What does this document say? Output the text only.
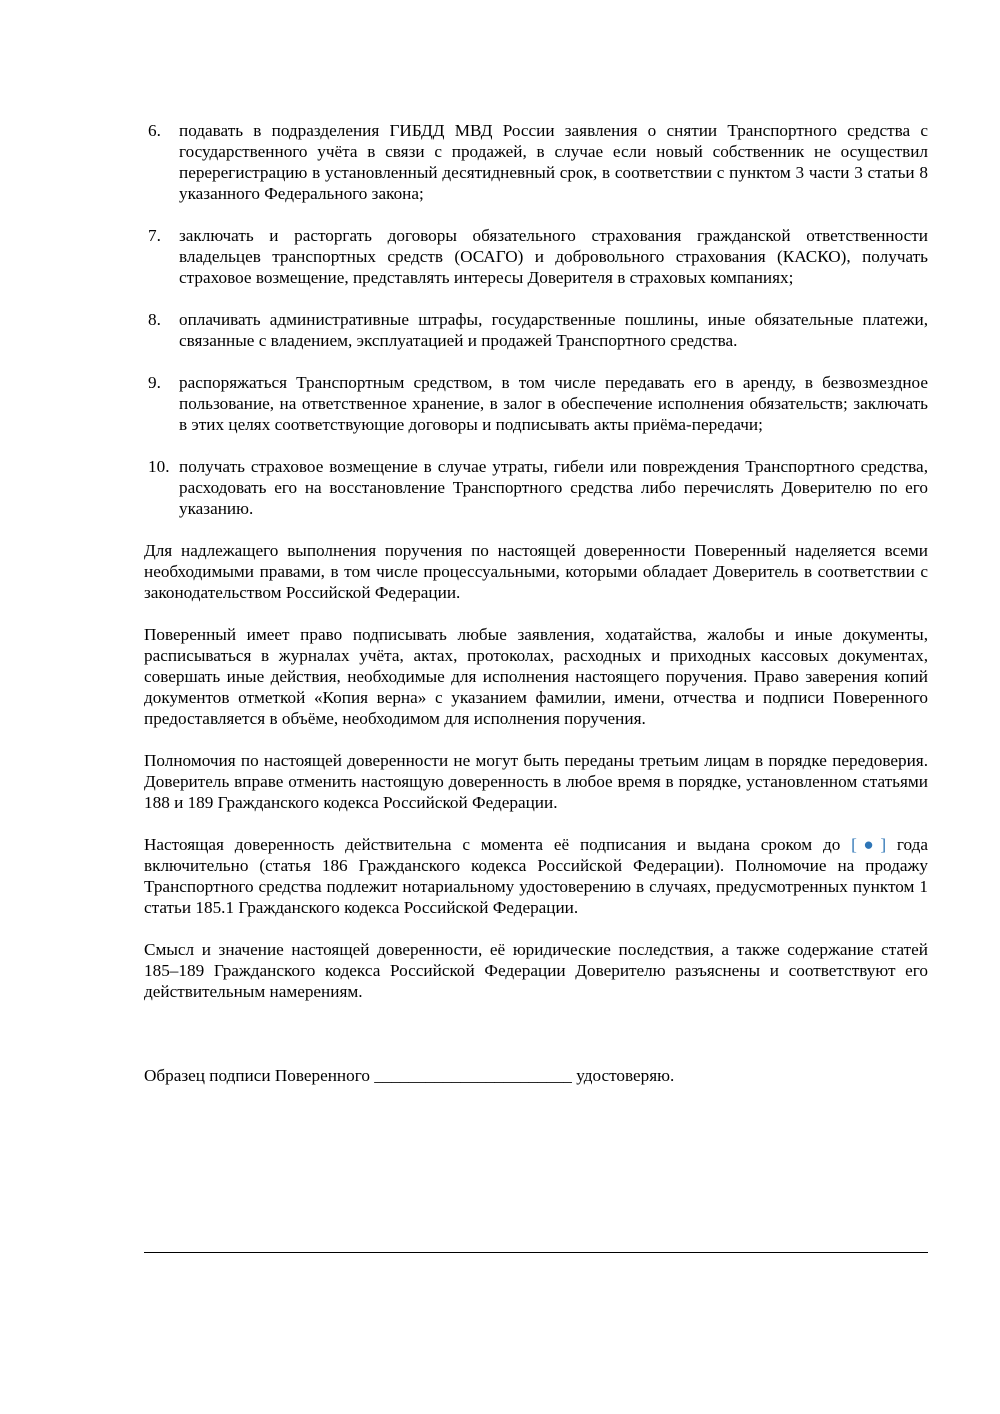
6. подавать в подразделения ГИБДД МВД России заявления о снятии Транспортного средства с государственного учёта в связи с продажей, в случае если новый собственник не осуществил перерегистрацию в установленный десятидневный срок, в соответствии с пунктом 3 части 3 статьи 8 указанного Федерального закона;
7. заключать и расторгать договоры обязательного страхования гражданской ответственности владельцев транспортных средств (ОСАГО) и добровольного страхования (КАСКО), получать страховое возмещение, представлять интересы Доверителя в страховых компаниях;
8. оплачивать административные штрафы, государственные пошлины, иные обязательные платежи, связанные с владением, эксплуатацией и продажей Транспортного средства.
9. распоряжаться Транспортным средством, в том числе передавать его в аренду, в безвозмездное пользование, на ответственное хранение, в залог в обеспечение исполнения обязательств; заключать в этих целях соответствующие договоры и подписывать акты приёма-передачи;
10. получать страховое возмещение в случае утраты, гибели или повреждения Транспортного средства, расходовать его на восстановление Транспортного средства либо перечислять Доверителю по его указанию.

Для надлежащего выполнения поручения по настоящей доверенности Поверенный наделяется всеми необходимыми правами, в том числе процессуальными, которыми обладает Доверитель в соответствии с законодательством Российской Федерации.

Поверенный имеет право подписывать любые заявления, ходатайства, жалобы и иные документы, расписываться в журналах учёта, актах, протоколах, расходных и приходных кассовых документах, совершать иные действия, необходимые для исполнения настоящего поручения. Право заверения копий документов отметкой «Копия верна» с указанием фамилии, имени, отчества и подписи Поверенного предоставляется в объёме, необходимом для исполнения поручения.

Полномочия по настоящей доверенности не могут быть переданы третьим лицам в порядке передоверия. Доверитель вправе отменить настоящую доверенность в любое время в порядке, установленном статьями 188 и 189 Гражданского кодекса Российской Федерации.

Настоящая доверенность действительна с момента её подписания и выдана сроком до [●] года включительно (статья 186 Гражданского кодекса Российской Федерации). Полномочие на продажу Транспортного средства подлежит нотариальному удостоверению в случаях, предусмотренных пунктом 1 статьи 185.1 Гражданского кодекса Российской Федерации.

Смысл и значение настоящей доверенности, её юридические последствия, а также содержание статей 185–189 Гражданского кодекса Российской Федерации Доверителю разъяснены и соответствуют его действительным намерениям.

Образец подписи Поверенного _______________________ удостоверяю.
